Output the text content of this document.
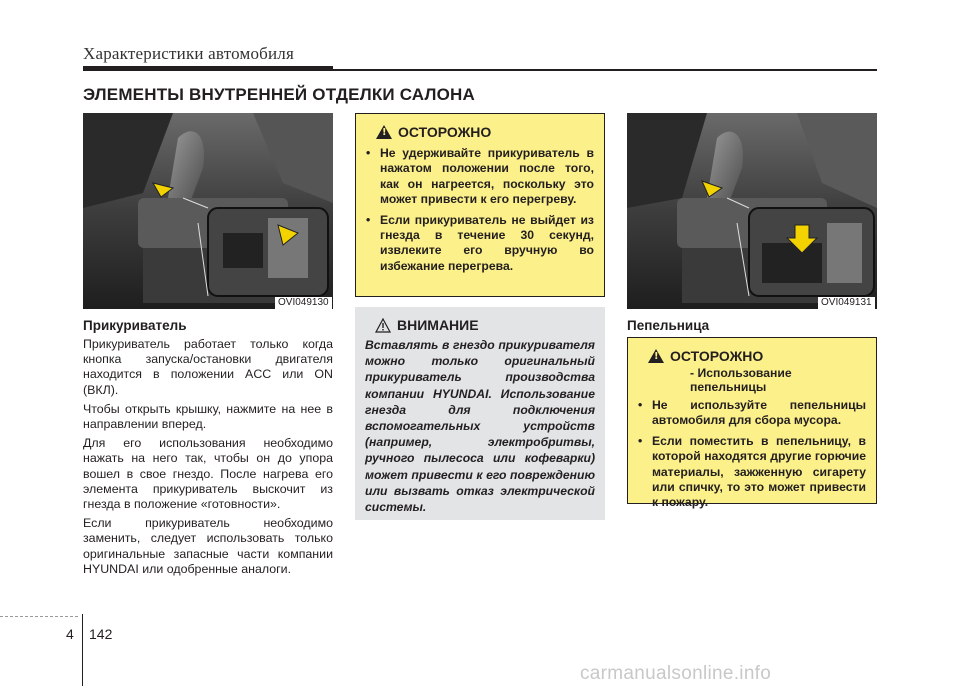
Характеристики автомобиля
ЭЛЕМЕНТЫ ВНУТРЕННЕЙ ОТДЕЛКИ САЛОНА
OVI049130
Прикуриватель

Прикуриватель работает только когда кнопка запуска/остановки двигателя находится в положении ACC или ON (ВКЛ).

Чтобы открыть крышку, нажмите на нее в направлении вперед.

Для его использования необходимо нажать на него так, чтобы он до упора вошел в свое гнездо. После нагрева его элемента прикуриватель выскочит из гнезда в положение «готовности».

Если прикуриватель необходимо заменить, следует использовать только оригинальные запасные части компании HYUNDAI или одобренные аналоги.

!
ОСТОРОЖНО
• Не удерживайте прикуриватель в нажатом положении после того, как он нагреется, поскольку это может привести к его перегреву.
• Если прикуриватель не выйдет из гнезда в течение 30 секунд, извлеките его вручную во избежание перегрева.
ВНИМАНИЕ
Вставлять в гнездо прикуривателя можно только оригинальный прикуриватель производства компании HYUNDAI. Использование гнезда для подключения вспомогательных устройств (например, электробритвы, ручного пылесоса или кофеварки) может привести к его повреждению или вызвать отказ электрической системы.
OVI049131
Пепельница
!
ОСТОРОЖНО
- Использование пепельницы
• Не используйте пепельницы автомобиля для сбора мусора.
• Если поместить в пепельницу, в которой находятся другие горючие материалы, зажженную сигарету или спичку, то это может привести к пожару.
4 142
carmanualsonline.info
